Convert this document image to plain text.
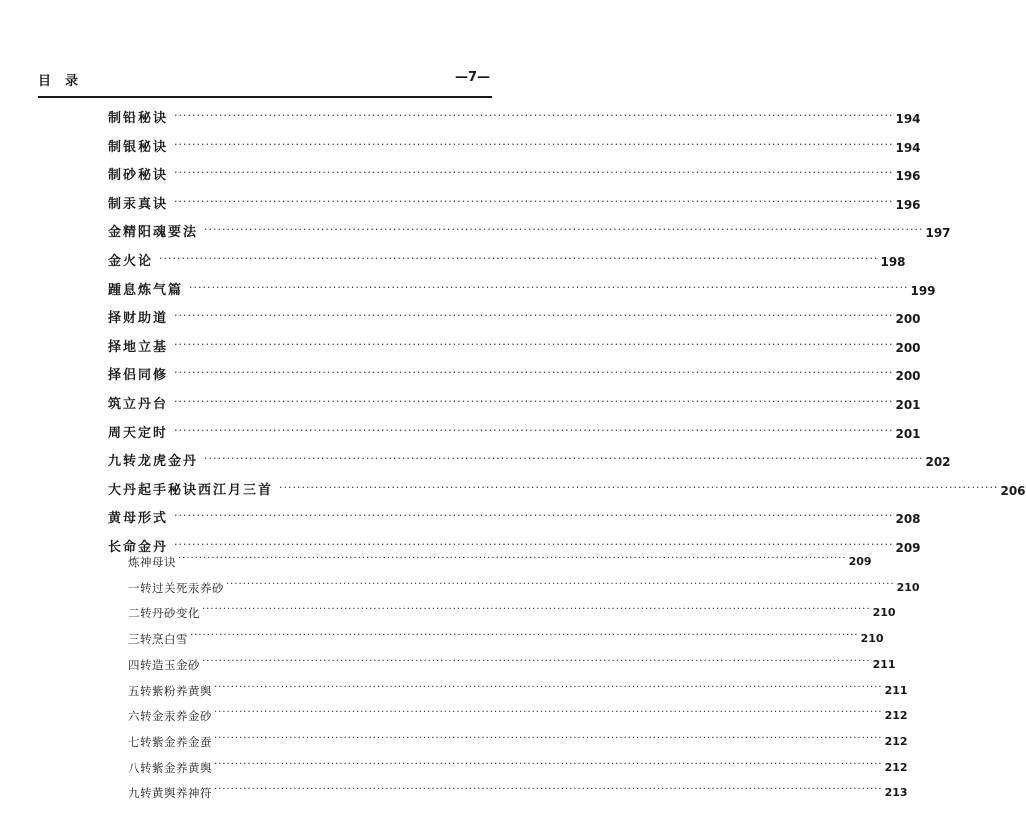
目录	—7—
制铅秘诀 ································································································································································ 194
制银秘诀 ································································································································································ 194
制砂秘诀 ································································································································································ 196
制汞真诀 ································································································································································ 196
金精阳魂要法 ································································································································································ 197
金火论 ································································································································································ 198
踵息炼气篇 ································································································································································ 199
择财助道 ································································································································································ 200
择地立基 ································································································································································ 200
择侣同修 ································································································································································ 200
筑立丹台 ································································································································································ 201
周天定时 ································································································································································ 201
九转龙虎金丹 ································································································································································ 202
大丹起手秘诀西江月三首 ································································································································································ 206
黄母形式 ································································································································································ 208
长命金丹 ································································································································································ 209
炼神母诀 ································································································································································ 209
一转过关死汞养砂 ································································································································································ 210
二转丹砂变化 ································································································································································ 210
三转烹白雪 ································································································································································ 210
四转造玉金砂 ································································································································································ 211
五转紫粉养黄舆 ································································································································································ 211
六转金汞养金砂 ································································································································································ 212
七转紫金养金蚕 ································································································································································ 212
八转紫金养黄舆 ································································································································································ 212
九转黄舆养神符 ································································································································································ 213
